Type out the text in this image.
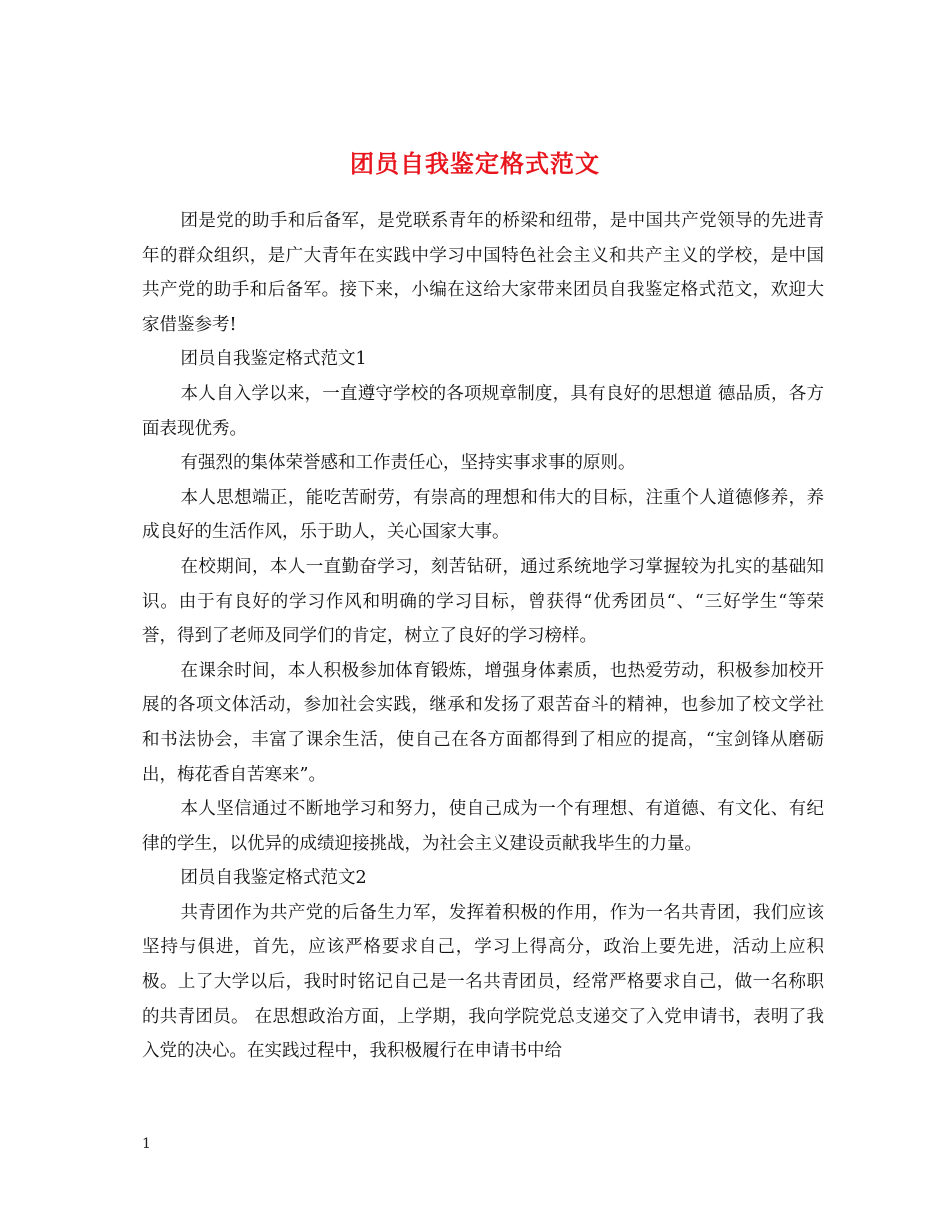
团员自我鉴定格式范文

团是党的助手和后备军，是党联系青年的桥梁和纽带，是中国共产党领导的先进青年的群众组织，是广大青年在实践中学习中国特色社会主义和共产主义的学校，是中国共产党的助手和后备军。接下来，小编在这给大家带来团员自我鉴定格式范文，欢迎大家借鉴参考!

团员自我鉴定格式范文1

本人自入学以来，一直遵守学校的各项规章制度，具有良好的思想道 德品质，各方面表现优秀。

有强烈的集体荣誉感和工作责任心，坚持实事求事的原则。

本人思想端正，能吃苦耐劳，有崇高的理想和伟大的目标，注重个人道德修养，养成良好的生活作风，乐于助人，关心国家大事。

在校期间，本人一直勤奋学习，刻苦钻研，通过系统地学习掌握较为扎实的基础知识。由于有良好的学习作风和明确的学习目标，曾获得“优秀团员“、“三好学生“等荣誉，得到了老师及同学们的肯定，树立了良好的学习榜样。

在课余时间，本人积极参加体育锻炼，增强身体素质，也热爱劳动，积极参加校开展的各项文体活动，参加社会实践，继承和发扬了艰苦奋斗的精神，也参加了校文学社和书法协会，丰富了课余生活，使自己在各方面都得到了相应的提高，“宝剑锋从磨砺出，梅花香自苦寒来”。

本人坚信通过不断地学习和努力，使自己成为一个有理想、有道德、有文化、有纪律的学生，以优异的成绩迎接挑战，为社会主义建设贡献我毕生的力量。

团员自我鉴定格式范文2

共青团作为共产党的后备生力军，发挥着积极的作用，作为一名共青团，我们应该坚持与俱进，首先，应该严格要求自己，学习上得高分，政治上要先进，活动上应积极。上了大学以后，我时时铭记自己是一名共青团员，经常严格要求自己，做一名称职的共青团员。 在思想政治方面，上学期，我向学院党总支递交了入党申请书，表明了我入党的决心。在实践过程中，我积极履行在申请书中给

1
